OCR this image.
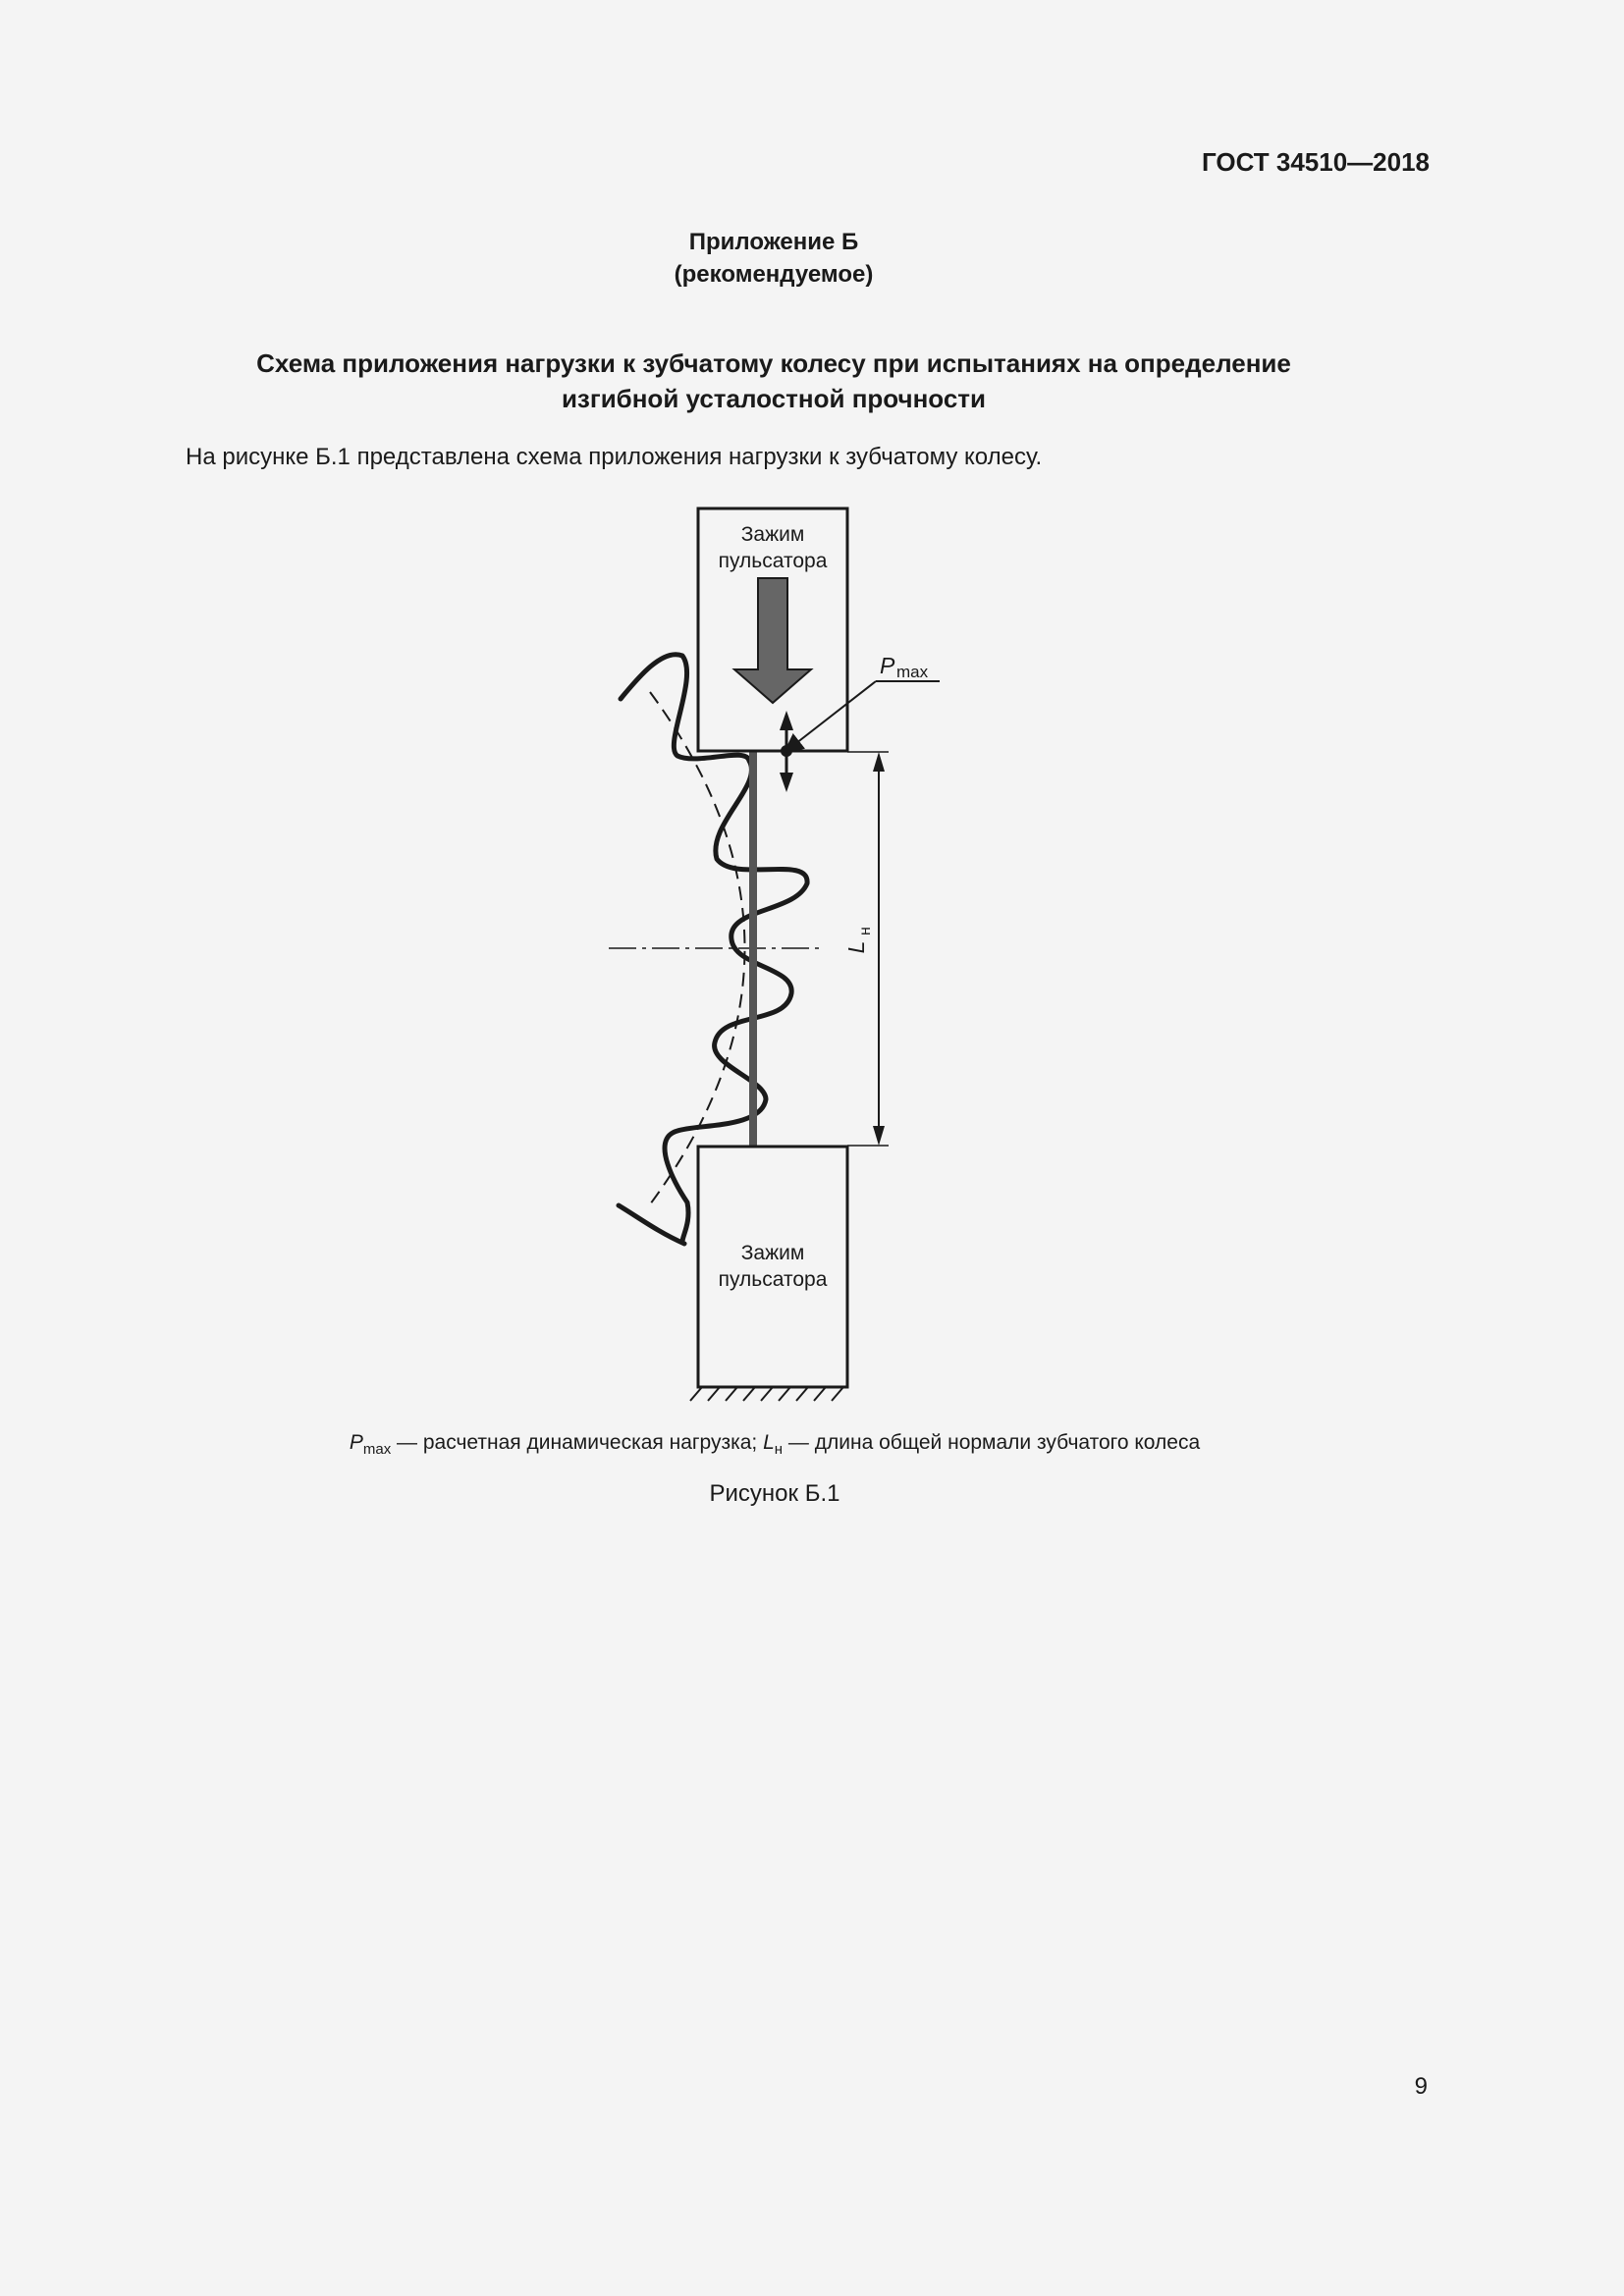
ГОСТ 34510—2018
Приложение Б
(рекомендуемое)
Схема приложения нагрузки к зубчатому колесу при испытаниях на определение
изгибной усталостной прочности

На рисунке Б.1 представлена схема приложения нагрузки к зубчатому колесу.

Зажим
пульсатора
Зажим
пульсатора
P max
L
н
$P_{max}$ — расчетная динамическая нагрузка; $L_н$ — длина общей нормали зубчатого колеса
Рисунок Б.1
9
